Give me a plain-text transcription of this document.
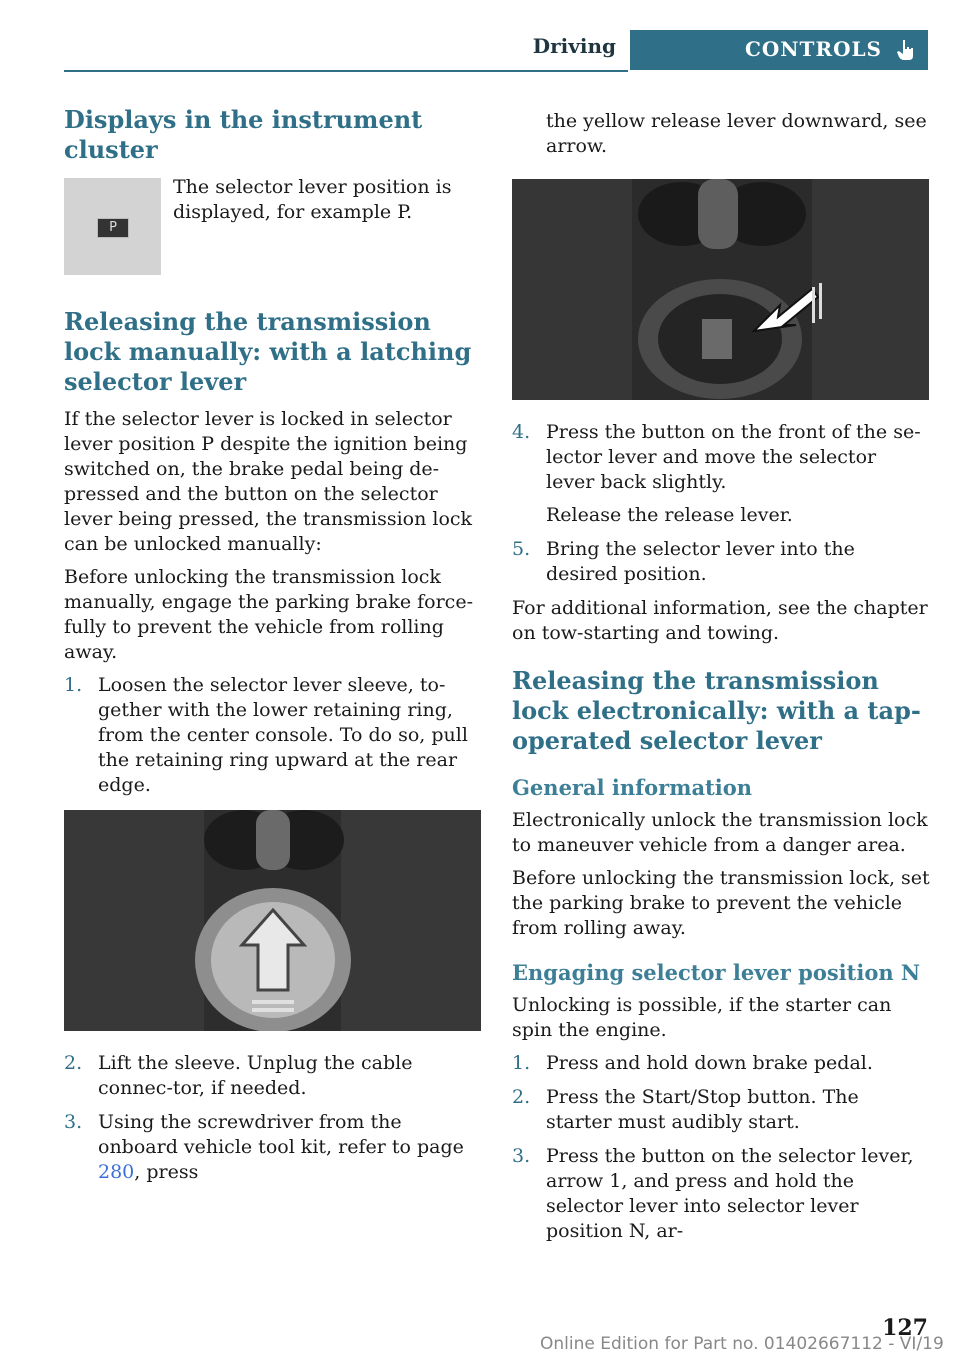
Driving	CONTROLS
Displays in the instrument cluster
P

The selector lever position is displayed, for example P.

Releasing the transmission lock manually: with a latching selector lever

If the selector lever is locked in selector lever position P despite the ignition being switched on, the brake pedal being de-pressed and the button on the selector lever being pressed, the transmission lock can be unlocked manually:

Before unlocking the transmission lock manually, engage the parking brake force-fully to prevent the vehicle from rolling away.

1. Loosen the selector lever sleeve, to-gether with the lower retaining ring, from the center console. To do so, pull the retaining ring upward at the rear edge.
2. Lift the sleeve. Unplug the cable connec-tor, if needed.
3. Using the screwdriver from the onboard vehicle tool kit, refer to page 280, press

the yellow release lever downward, see arrow.

4. Press the button on the front of the se-lector lever and move the selector lever back slightly.
Release the release lever.
5. Bring the selector lever into the desired position.

For additional information, see the chapter on tow-starting and towing.

Releasing the transmission lock electronically: with a tap-operated selector lever
General information

Electronically unlock the transmission lock to maneuver vehicle from a danger area.

Before unlocking the transmission lock, set the parking brake to prevent the vehicle from rolling away.

Engaging selector lever position N

Unlocking is possible, if the starter can spin the engine.

1. Press and hold down brake pedal.
2. Press the Start/Stop button. The starter must audibly start.
3. Press the button on the selector lever, arrow 1, and press and hold the selector lever into selector lever position N, ar-
127
Online Edition for Part no. 01402667112 - VI/19
